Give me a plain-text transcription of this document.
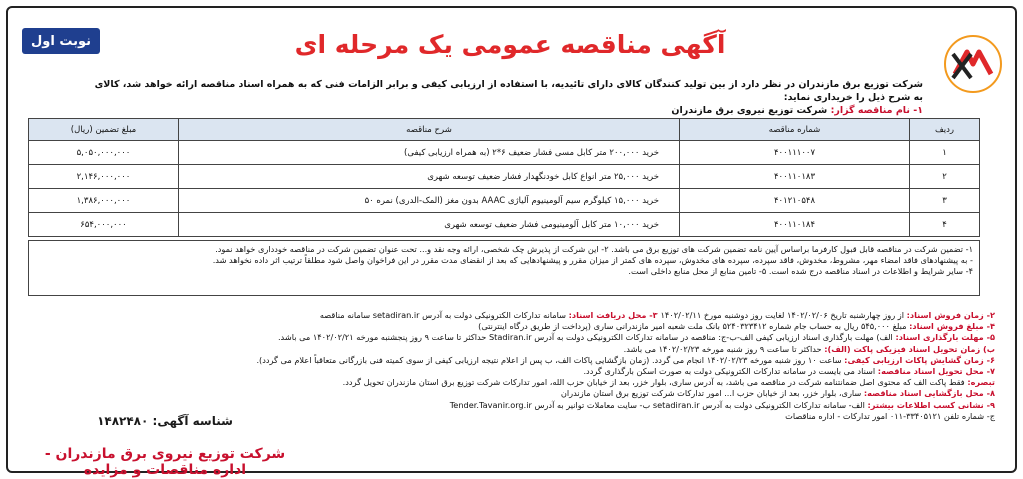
نوبت اول	آگهی مناقصه عمومی یک مرحله ای
شرکت توزیع برق مازندران در نظر دارد از بین تولید کنندگان کالای دارای تائیدیه، با استفاده از ارزیابی کیفی و برابر الزامات فنی که به همراه اسناد مناقصه ارائه خواهد شد، کالای به شرح ذیل را خریداری نماید:
۱- نام مناقصه گزار: شرکت توزیع نیروی برق مازندران
ردیف	شماره مناقصه	شرح مناقصه	مبلغ تضمین (ریال)
۱	۴۰۰۱۱۱۰۰۷	خرید ۲۰۰,۰۰۰ متر کابل مسی فشار ضعیف ۶*۲ (به همراه ارزیابی کیفی)	۵,۰۵۰,۰۰۰,۰۰۰
۲	۴۰۰۱۱۰۱۸۳	خرید ۲۵,۰۰۰ متر انواع کابل خودنگهدار فشار ضعیف توسعه شهری	۲,۱۴۶,۰۰۰,۰۰۰
۳	۴۰۱۲۱۰۵۴۸	خرید ۱۵,۰۰۰ کیلوگرم سیم آلومینیوم آلیاژی AAAC بدون مغز (المک-الدری) نمره ۵۰	۱,۳۸۶,۰۰۰,۰۰۰
۴	۴۰۰۱۱۰۱۸۴	خرید ۱۰,۰۰۰ متر کابل آلومینیومی فشار ضعیف توسعه شهری	۶۵۴,۰۰۰,۰۰۰
۱- تضمین شرکت در مناقصه قابل قبول کارفرما براساس آیین نامه تضمین شرکت های توزیع برق می باشد. ۲- این شرکت از پذیرش چک شخصی، ارائه وجه نقد و... تحت عنوان تضمین شرکت در مناقصه خودداری خواهد نمود.
- به پیشنهادهای فاقد امضاء مهر، مشروط، مخدوش، فاقد سپرده، سپرده های مخدوش، سپرده های کمتر از میزان مقرر و پیشنهادهایی که بعد از انقضای مدت مقرر در این فراخوان واصل شود مطلقاً ترتیب اثر داده نخواهد شد.
۴- سایر شرایط و اطلاعات در اسناد مناقصه درج شده است. ۵- تامین منابع از محل منابع داخلی است.
۲- زمان فروش اسناد: از روز چهارشنبه تاریخ ۱۴۰۲/۰۲/۰۶ لغایت روز دوشنبه مورخ ۱۴۰۲/۰۲/۱۱ ۳- محل دریافت اسناد: سامانه تدارکات الکترونیکی دولت به آدرس setadiran.ir سامانه مناقصه
۴- مبلغ فروش اسناد: مبلغ ۵۴۵,۰۰۰ ریال به حساب جام شماره ۵۲۴۰۳۲۳۴۱۲ بانک ملت شعبه امیر مازندرانی ساری (پرداخت از طریق درگاه اینترنتی)
۵- مهلت بارگذاری اسناد: الف) مهلت بارگذاری اسناد ارزیابی کیفی الف-ب-ج: مناقصه در سامانه تدارکات الکترونیکی دولت به آدرس Stadiran.ir حداکثر تا ساعت ۹ روز پنجشنبه مورخه ۱۴۰۲/۰۲/۲۱ می باشد.
ب) زمان تحویل اسناد فیزیکی پاکت (الف): حداکثر تا ساعت ۹ روز شنبه مورخه ۱۴۰۲/۰۲/۲۳ می باشد.
۶- زمان گشایش پاکات ارزیابی کیفی: ساعت ۱۰ روز شنبه مورخه ۱۴۰۲/۰۲/۲۳ انجام می گردد. (زمان بازگشایی پاکات الف، ب پس از اعلام نتیجه ارزیابی کیفی از سوی کمیته فنی بازرگانی متعاقباً اعلام می گردد).
۷- محل تحویل اسناد مناقصه: اسناد می بایست در سامانه تدارکات الکترونیکی دولت به صورت اسکن بارگذاری گردد.
تبصره: فقط پاکت الف که محتوی اصل ضمانتنامه شرکت در مناقصه می باشد، به آدرس ساری، بلوار خزر، بعد از خیابان حزب الله، امور تدارکات شرکت توزیع برق استان مازندران تحویل گردد.
۸- محل بازگشایی اسناد مناقصه: ساری، بلوار خزر، بعد از خیابان حزب ا... امور تدارکات شرکت توزیع برق استان مازندران
۹- نشانی کسب اطلاعات بیشتر: الف- سامانه تدارکات الکترونیکی دولت به آدرس setadiran.ir ب- سایت معاملات توانیر به آدرس Tender.Tavanir.org.ir
ج- شماره تلفن ۳۳۴۰۵۱۲۱-۰۱۱ امور تدارکات - اداره مناقصات
شناسه آگهی: ۱۴۸۲۴۸۰
شرکت توزیع نیروی برق مازندران - اداره مناقصات و مزایده
